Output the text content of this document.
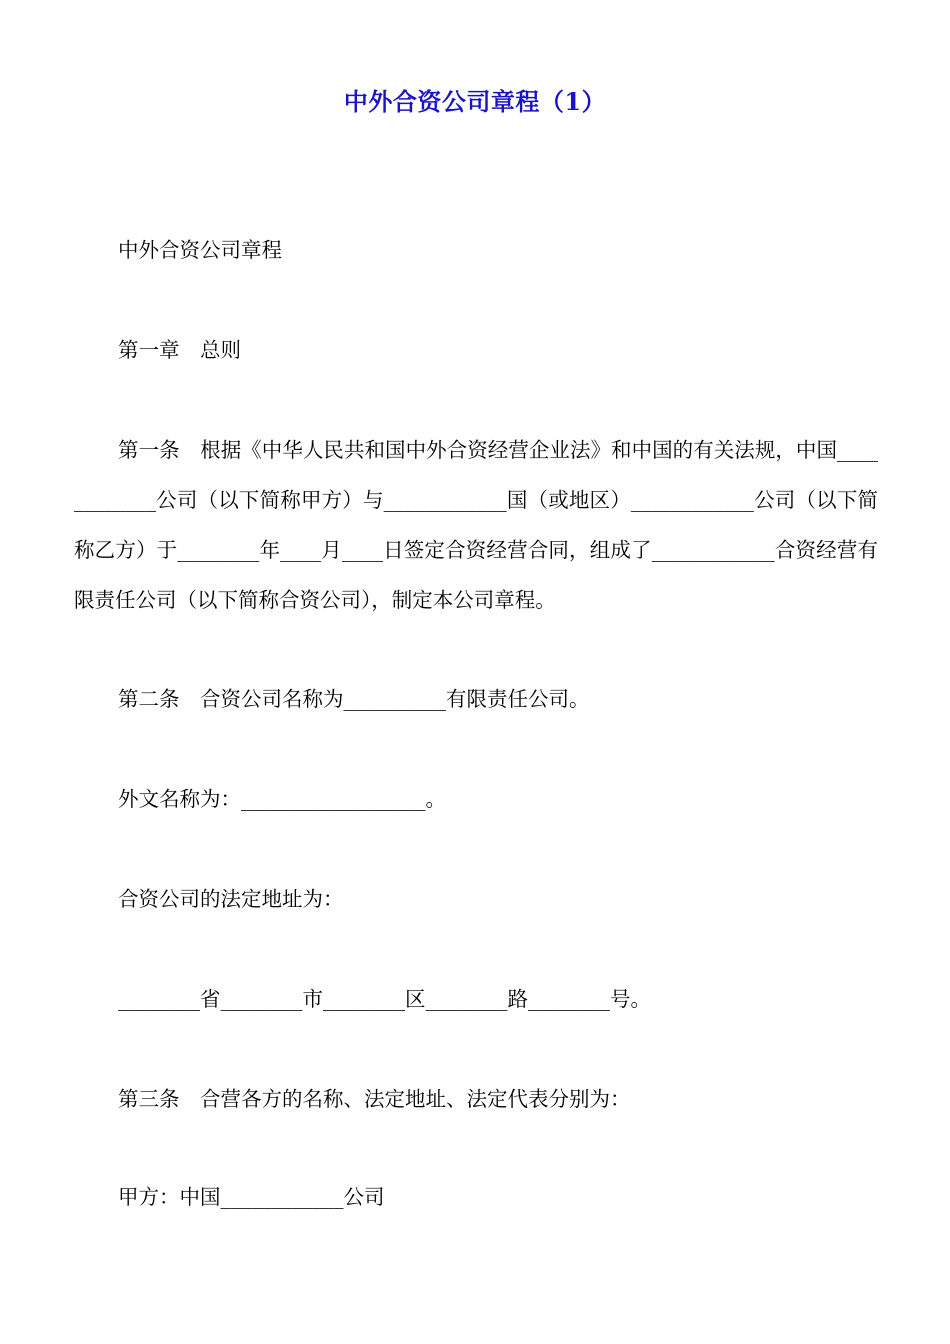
中外合资公司章程（1）

中外合资公司章程

第一章　总则

第一条　根据《中华人民共和国中外合资经营企业法》和中国的有关法规，中国____________公司（以下简称甲方）与____________国（或地区）____________公司（以下简称乙方）于________年____月____日签定合资经营合同，组成了____________合资经营有限责任公司（以下简称合资公司），制定本公司章程。

第二条　合资公司名称为__________有限责任公司。

外文名称为：__________________。

合资公司的法定地址为：

________省________市________区________路________号。

第三条　合营各方的名称、法定地址、法定代表分别为：

甲方：中国____________公司
